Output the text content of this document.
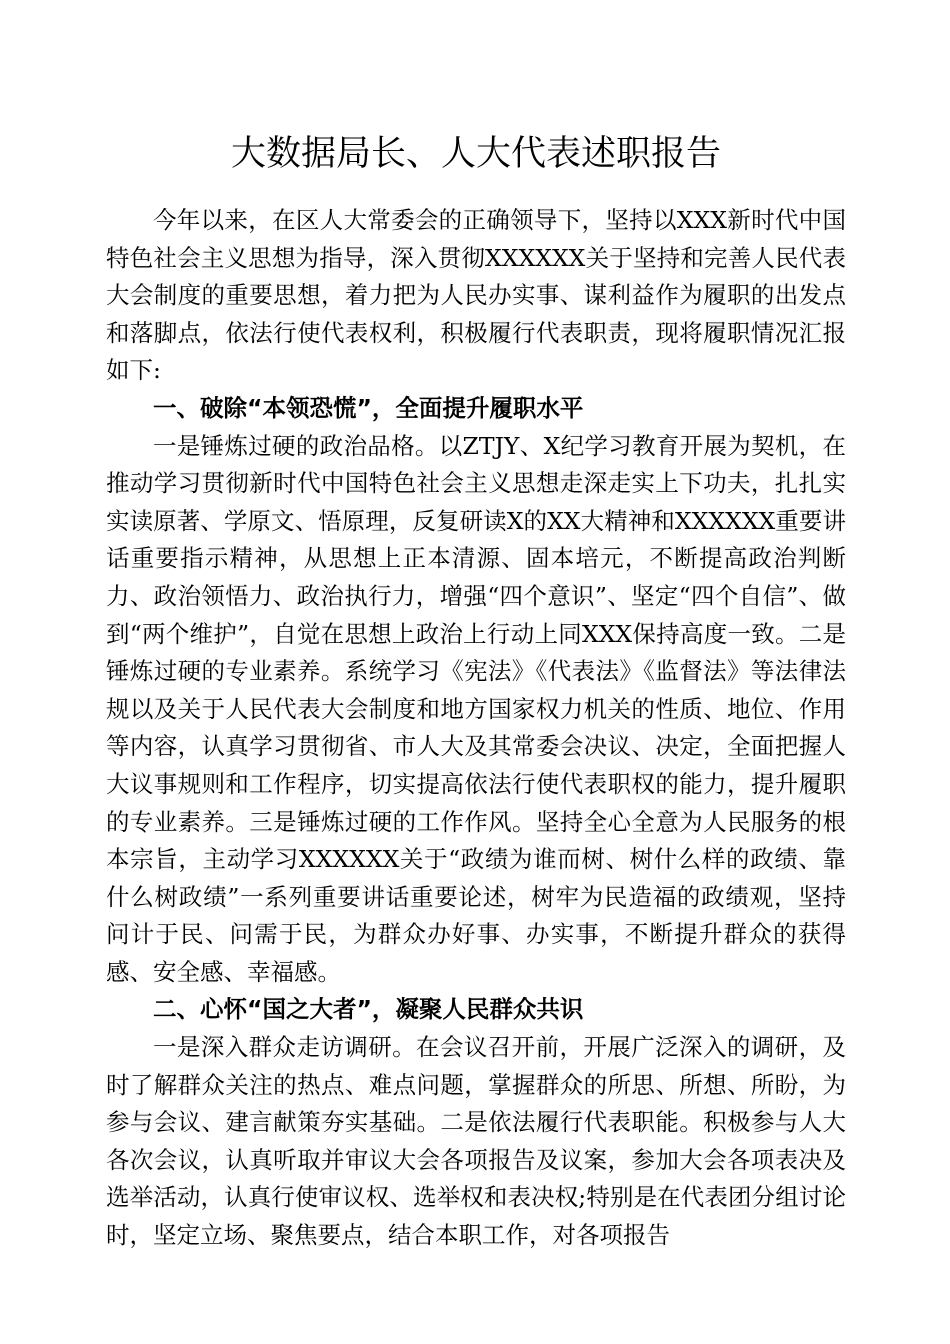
大数据局长、人大代表述职报告

今年以来，在区人大常委会的正确领导下，坚持以XXX新时代中国特色社会主义思想为指导，深入贯彻XXXXXX关于坚持和完善人民代表大会制度的重要思想，着力把为人民办实事、谋利益作为履职的出发点和落脚点，依法行使代表权利，积极履行代表职责，现将履职情况汇报如下:

一、破除“本领恐慌”，全面提升履职水平

一是锤炼过硬的政治品格。以ZTJY、X纪学习教育开展为契机，在推动学习贯彻新时代中国特色社会主义思想走深走实上下功夫，扎扎实实读原著、学原文、悟原理，反复研读X的XX大精神和XXXXXX重要讲话重要指示精神，从思想上正本清源、固本培元，不断提高政治判断力、政治领悟力、政治执行力，增强“四个意识”、坚定“四个自信”、做到“两个维护”，自觉在思想上政治上行动上同XXX保持高度一致。二是锤炼过硬的专业素养。系统学习《宪法》《代表法》《监督法》等法律法规以及关于人民代表大会制度和地方国家权力机关的性质、地位、作用等内容，认真学习贯彻省、市人大及其常委会决议、决定，全面把握人大议事规则和工作程序，切实提高依法行使代表职权的能力，提升履职的专业素养。三是锤炼过硬的工作作风。坚持全心全意为人民服务的根本宗旨，主动学习XXXXXX关于“政绩为谁而树、树什么样的政绩、靠什么树政绩”一系列重要讲话重要论述，树牢为民造福的政绩观，坚持问计于民、问需于民，为群众办好事、办实事，不断提升群众的获得感、安全感、幸福感。

二、心怀“国之大者”，凝聚人民群众共识

一是深入群众走访调研。在会议召开前，开展广泛深入的调研，及时了解群众关注的热点、难点问题，掌握群众的所思、所想、所盼，为参与会议、建言献策夯实基础。二是依法履行代表职能。积极参与人大各次会议，认真听取并审议大会各项报告及议案，参加大会各项表决及选举活动，认真行使审议权、选举权和表决权;特别是在代表团分组讨论时，坚定立场、聚焦要点，结合本职工作，对各项报告
